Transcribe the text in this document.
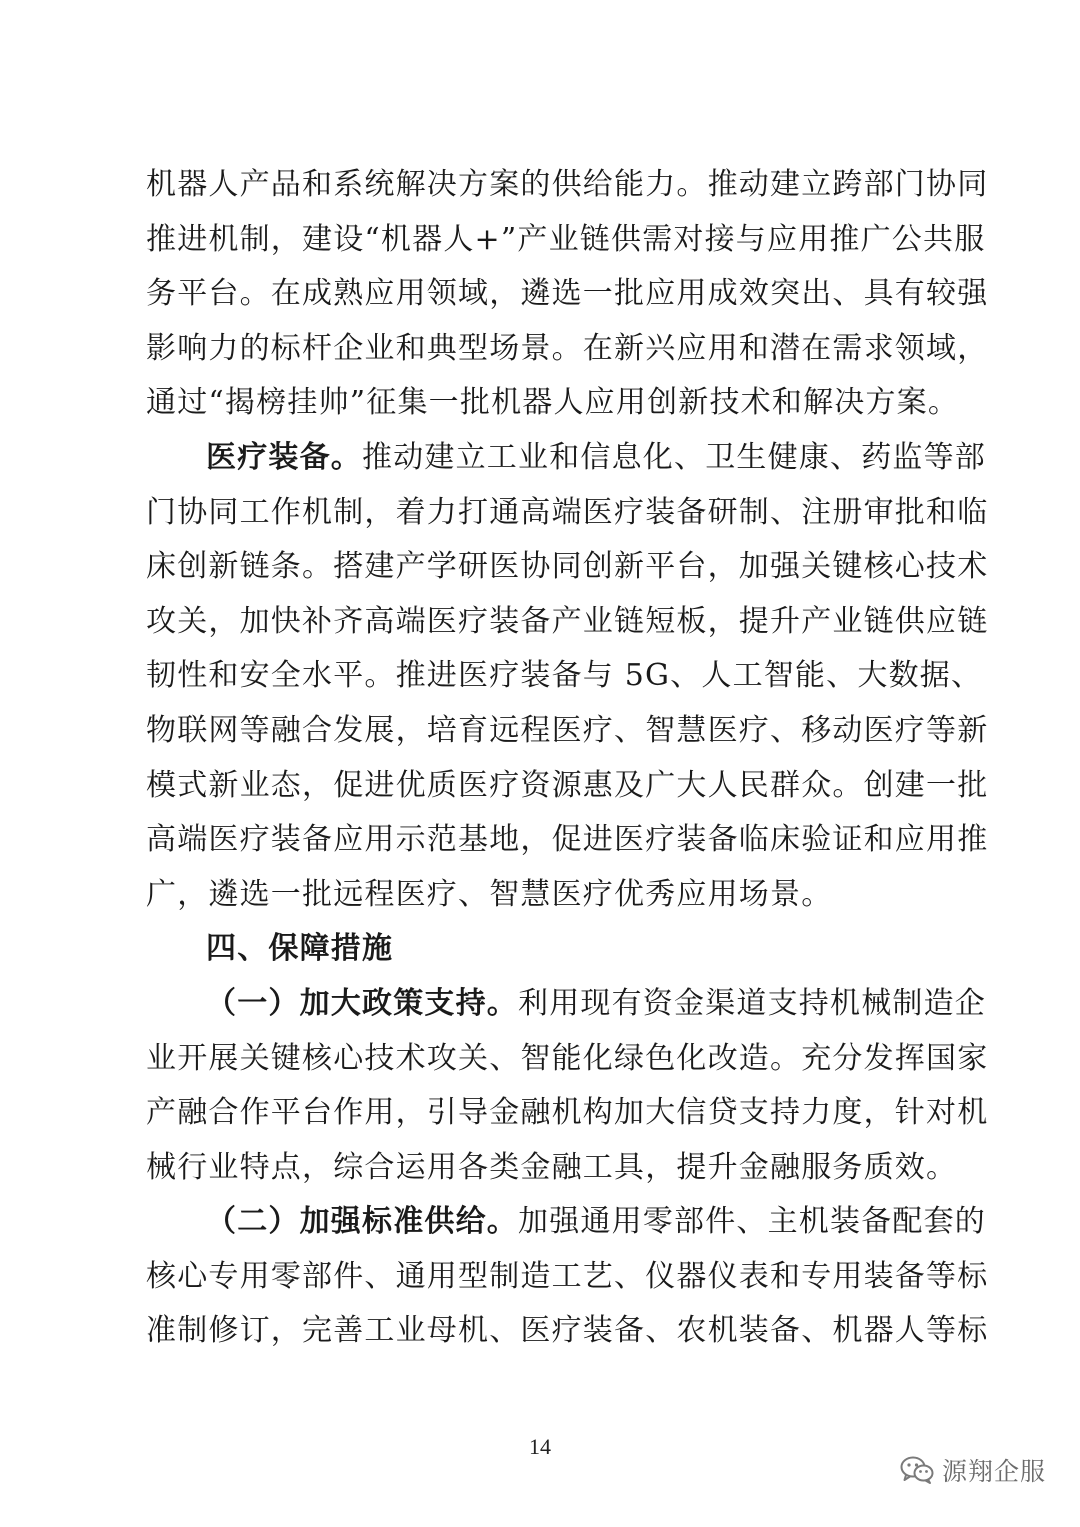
机器人产品和系统解决方案的供给能力。推动建立跨部门协同
推进机制，建设“机器人+”产业链供需对接与应用推广公共服
务平台。在成熟应用领域，遴选一批应用成效突出、具有较强
影响力的标杆企业和典型场景。在新兴应用和潜在需求领域，
通过“揭榜挂帅”征集一批机器人应用创新技术和解决方案。
医疗装备。推动建立工业和信息化、卫生健康、药监等部
门协同工作机制，着力打通高端医疗装备研制、注册审批和临
床创新链条。搭建产学研医协同创新平台，加强关键核心技术
攻关，加快补齐高端医疗装备产业链短板，提升产业链供应链
韧性和安全水平。推进医疗装备与 5G、人工智能、大数据、
物联网等融合发展，培育远程医疗、智慧医疗、移动医疗等新
模式新业态，促进优质医疗资源惠及广大人民群众。创建一批
高端医疗装备应用示范基地，促进医疗装备临床验证和应用推
广，遴选一批远程医疗、智慧医疗优秀应用场景。
四、保障措施
（一）加大政策支持。利用现有资金渠道支持机械制造企
业开展关键核心技术攻关、智能化绿色化改造。充分发挥国家
产融合作平台作用，引导金融机构加大信贷支持力度，针对机
械行业特点，综合运用各类金融工具，提升金融服务质效。
（二）加强标准供给。加强通用零部件、主机装备配套的
核心专用零部件、通用型制造工艺、仪器仪表和专用装备等标
准制修订，完善工业母机、医疗装备、农机装备、机器人等标
14
源翔企服
